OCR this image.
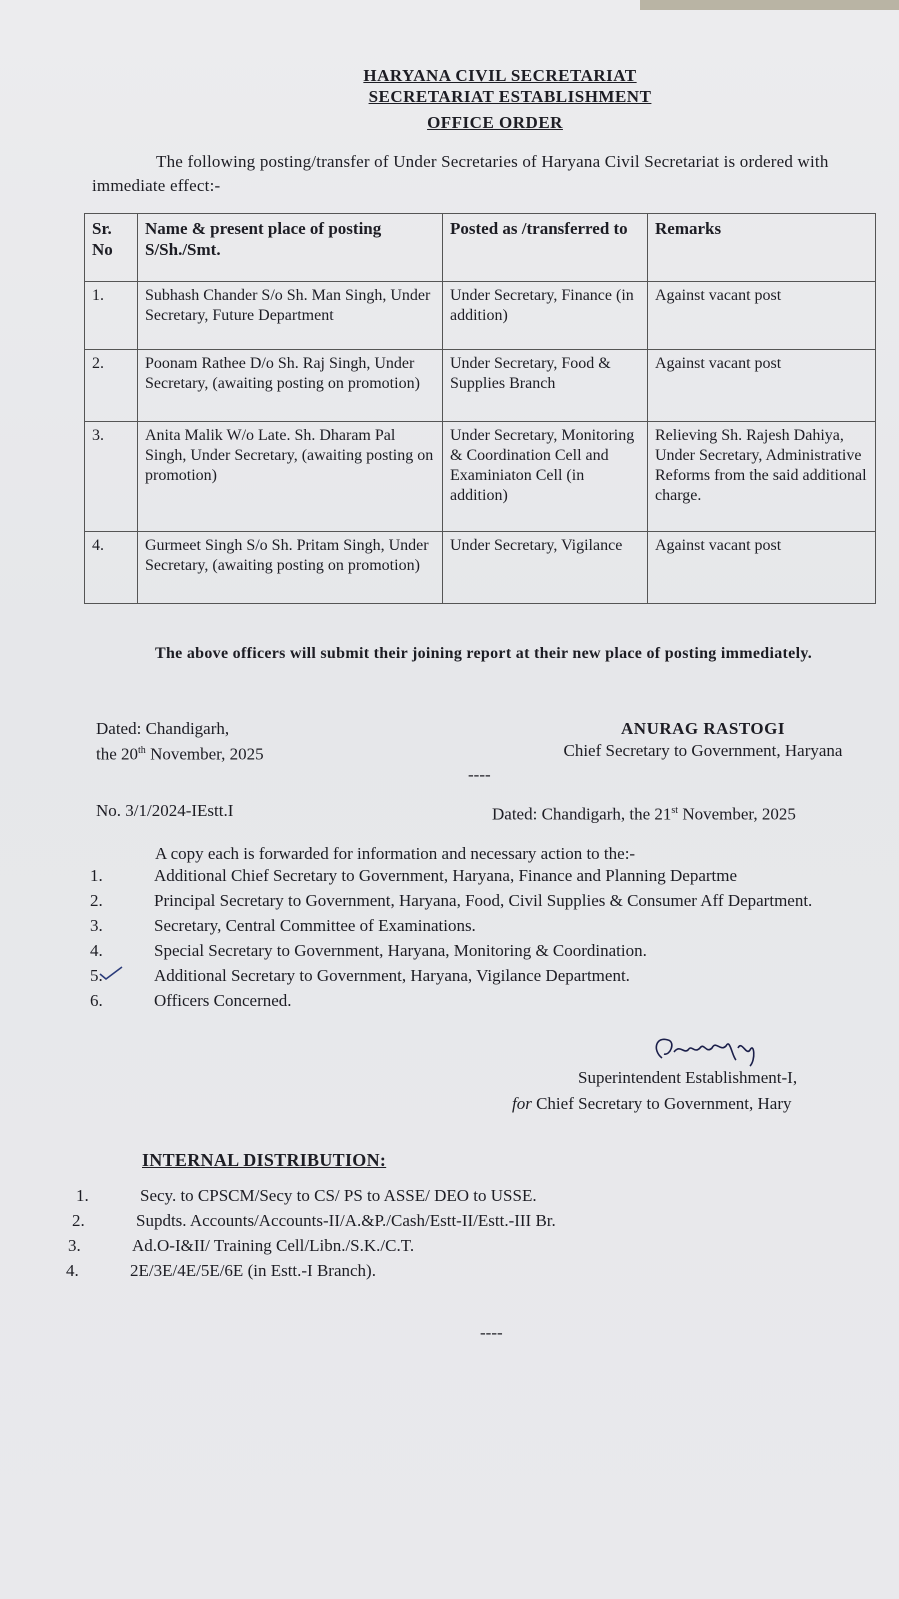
HARYANA CIVIL SECRETARIAT
SECRETARIAT ESTABLISHMENT
OFFICE ORDER
The following posting/transfer of Under Secretaries of Haryana Civil Secretariat is ordered with immediate effect:-
Sr. No	Name & present place of posting S/Sh./Smt.	Posted as /transferred to	Remarks
1.	Subhash Chander S/o Sh. Man Singh, Under Secretary, Future Department	Under Secretary, Finance (in addition)	Against vacant post
2.	Poonam Rathee D/o Sh. Raj Singh, Under Secretary, (awaiting posting on promotion)	Under Secretary, Food & Supplies Branch	Against vacant post
3.	Anita Malik W/o Late. Sh. Dharam Pal Singh, Under Secretary, (awaiting posting on promotion)	Under Secretary, Monitoring & Coordination Cell and Examiniaton Cell (in addition)	Relieving Sh. Rajesh Dahiya, Under Secretary, Administrative Reforms from the said additional charge.
4.	Gurmeet Singh S/o Sh. Pritam Singh, Under Secretary, (awaiting posting on promotion)	Under Secretary, Vigilance	Against vacant post
The above officers will submit their joining report at their new place of posting immediately.
Dated: Chandigarh,
the 20th November, 2025
ANURAG RASTOGI
Chief Secretary to Government, Haryana
----
No. 3/1/2024-IEstt.I	Dated: Chandigarh, the 21st November, 2025
A copy each is forwarded for information and necessary action to the:-
1.	Additional Chief Secretary to Government, Haryana, Finance and Planning Departme
2.	Principal Secretary to Government, Haryana, Food, Civil Supplies & Consumer Aff Department.
3.	Secretary, Central Committee of Examinations.
4.	Special Secretary to Government, Haryana, Monitoring & Coordination.
5.	Additional Secretary to Government, Haryana, Vigilance Department.
6.	Officers Concerned.
Superintendent Establishment-I,
for Chief Secretary to Government, Hary
INTERNAL DISTRIBUTION:
1.	Secy. to CPSCM/Secy to CS/ PS to ASSE/ DEO to USSE.
2.	Supdts. Accounts/Accounts-II/A.&P./Cash/Estt-II/Estt.-III Br.
3.	Ad.O-I&II/ Training Cell/Libn./S.K./C.T.
4.	2E/3E/4E/5E/6E (in Estt.-I Branch).
----
